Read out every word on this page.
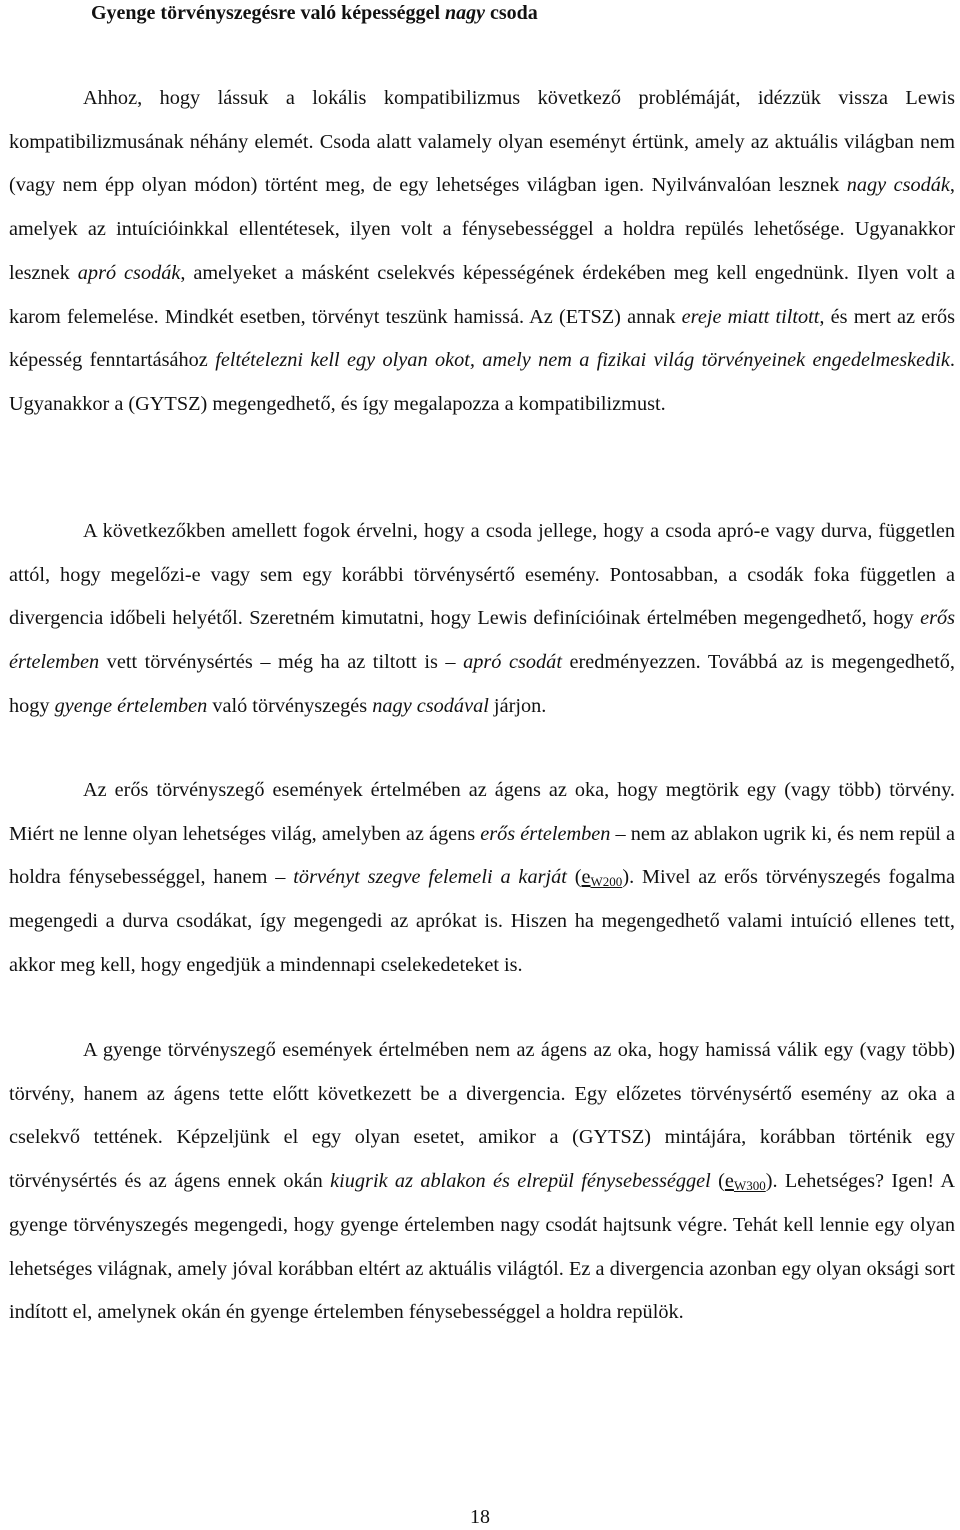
Gyenge törvényszegésre való képességgel nagy csoda

Ahhoz, hogy lássuk a lokális kompatibilizmus következő problémáját, idézzük vissza Lewis kompatibilizmusának néhány elemét. Csoda alatt valamely olyan eseményt értünk, amely az aktuális világban nem (vagy nem épp olyan módon) történt meg, de egy lehetséges világban igen. Nyilvánvalóan lesznek nagy csodák, amelyek az intuícióinkkal ellentétesek, ilyen volt a fénysebességgel a holdra repülés lehetősége. Ugyanakkor lesznek apró csodák, amelyeket a másként cselekvés képességének érdekében meg kell engednünk. Ilyen volt a karom felemelése. Mindkét esetben, törvényt teszünk hamissá. Az (ETSZ) annak ereje miatt tiltott, és mert az erős képesség fenntartásához feltételezni kell egy olyan okot, amely nem a fizikai világ törvényeinek engedelmeskedik. Ugyanakkor a (GYTSZ) megengedhető, és így megalapozza a kompatibilizmust.

A következőkben amellett fogok érvelni, hogy a csoda jellege, hogy a csoda apró-e vagy durva, független attól, hogy megelőzi-e vagy sem egy korábbi törvénysértő esemény. Pontosabban, a csodák foka független a divergencia időbeli helyétől. Szeretném kimutatni, hogy Lewis definícióinak értelmében megengedhető, hogy erős értelemben vett törvénysértés – még ha az tiltott is – apró csodát eredményezzen. Továbbá az is megengedhető, hogy gyenge értelemben való törvényszegés nagy csodával járjon.

Az erős törvényszegő események értelmében az ágens az oka, hogy megtörik egy (vagy több) törvény. Miért ne lenne olyan lehetséges világ, amelyben az ágens erős értelemben – nem az ablakon ugrik ki, és nem repül a holdra fénysebességgel, hanem – törvényt szegve felemeli a karját $(e_{W200})$. Mivel az erős törvényszegés fogalma megengedi a durva csodákat, így megengedi az aprókat is. Hiszen ha megengedhető valami intuíció ellenes tett, akkor meg kell, hogy engedjük a mindennapi cselekedeteket is.

A gyenge törvényszegő események értelmében nem az ágens az oka, hogy hamissá válik egy (vagy több) törvény, hanem az ágens tette előtt következett be a divergencia. Egy előzetes törvénysértő esemény az oka a cselekvő tettének. Képzeljünk el egy olyan esetet, amikor a (GYTSZ) mintájára, korábban történik egy törvénysértés és az ágens ennek okán kiugrik az ablakon és elrepül fénysebességgel $(e_{W300})$. Lehetséges? Igen! A gyenge törvényszegés megengedi, hogy gyenge értelemben nagy csodát hajtsunk végre. Tehát kell lennie egy olyan lehetséges világnak, amely jóval korábban eltért az aktuális világtól. Ez a divergencia azonban egy olyan oksági sort indított el, amelynek okán én gyenge értelemben fénysebességgel a holdra repülök.

18
